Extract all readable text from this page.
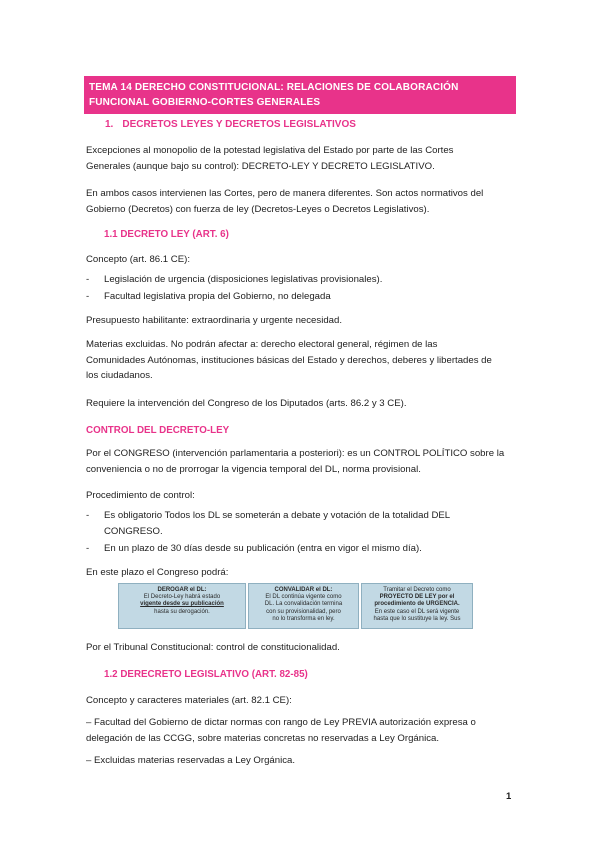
TEMA 14 DERECHO CONSTITUCIONAL: RELACIONES DE COLABORACIÓN
FUNCIONAL GOBIERNO-CORTES GENERALES
1. DECRETOS LEYES Y DECRETOS LEGISLATIVOS
Excepciones al monopolio de la potestad legislativa del Estado por parte de las Cortes
Generales (aunque bajo su control): DECRETO-LEY Y DECRETO LEGISLATIVO.
En ambos casos intervienen las Cortes, pero de manera diferentes. Son actos normativos del
Gobierno (Decretos) con fuerza de ley (Decretos-Leyes o Decretos Legislativos).
1.1 DECRETO LEY (ART. 6)
Concepto (art. 86.1 CE):
- Legislación de urgencia (disposiciones legislativas provisionales).
- Facultad legislativa propia del Gobierno, no delegada
Presupuesto habilitante: extraordinaria y urgente necesidad.
Materias excluidas. No podrán afectar a: derecho electoral general, régimen de las
Comunidades Autónomas, instituciones básicas del Estado y derechos, deberes y libertades de
los ciudadanos.
Requiere la intervención del Congreso de los Diputados (arts. 86.2 y 3 CE).
CONTROL DEL DECRETO-LEY
Por el CONGRESO (intervención parlamentaria a posteriori): es un CONTROL POLÍTICO sobre la
conveniencia o no de prorrogar la vigencia temporal del DL, norma provisional.
Procedimiento de control:
- Es obligatorio Todos los DL se someterán a debate y votación de la totalidad DEL
CONGRESO.
- En un plazo de 30 días desde su publicación (entra en vigor el mismo día).
En este plazo el Congreso podrá:
DEROGAR el DL:
El Decreto-Ley habrá estado
vigente desde su publicación
hasta su derogación.
CONVALIDAR el DL:
El DL continúa vigente como
DL. La convalidación termina
con su provisionalidad, pero
no lo transforma en ley.
Tramitar el Decreto como
PROYECTO DE LEY por el
procedimiento de URGENCIA.
En este caso el DL será vigente
hasta que lo sustituye la ley. Sus
Por el Tribunal Constitucional: control de constitucionalidad.
1.2 DERECRETO LEGISLATIVO (ART. 82-85)
Concepto y caracteres materiales (art. 82.1 CE):
– Facultad del Gobierno de dictar normas con rango de Ley PREVIA autorización expresa o
delegación de las CCGG, sobre materias concretas no reservadas a Ley Orgánica.
– Excluidas materias reservadas a Ley Orgánica.
1
